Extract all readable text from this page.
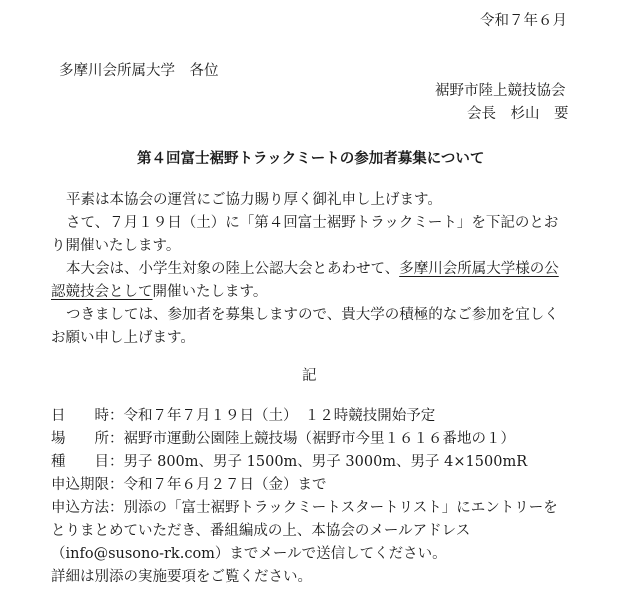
令和７年６月
多摩川会所属大学　各位
裾野市陸上競技協会
会長　杉山　要
第４回富士裾野トラックミートの参加者募集について
平素は本協会の運営にご協力賜り厚く御礼申し上げます。
さて、７月１９日（土）に「第４回富士裾野トラックミート」を下記のとお
り開催いたします。
本大会は、小学生対象の陸上公認大会とあわせて、多摩川会所属大学様の公
認競技会として開催いたします。
つきましては、参加者を募集しますので、貴大学の積極的なご参加を宜しく
お願い申し上げます。
記
日　　時：令和７年７月１９日（土）　１２時競技開始予定
場　　所：裾野市運動公園陸上競技場（裾野市今里１６１６番地の１）
種　　目：男子 800m、男子 1500m、男子 3000m、男子 4×1500mR
申込期限：令和７年６月２７日（金）まで
申込方法：別添の「富士裾野トラックミートスタートリスト」にエントリーを
とりまとめていただき、番組編成の上、本協会のメールアドレス
（info@susono-rk.com）までメールで送信してください。
詳細は別添の実施要項をご覧ください。
